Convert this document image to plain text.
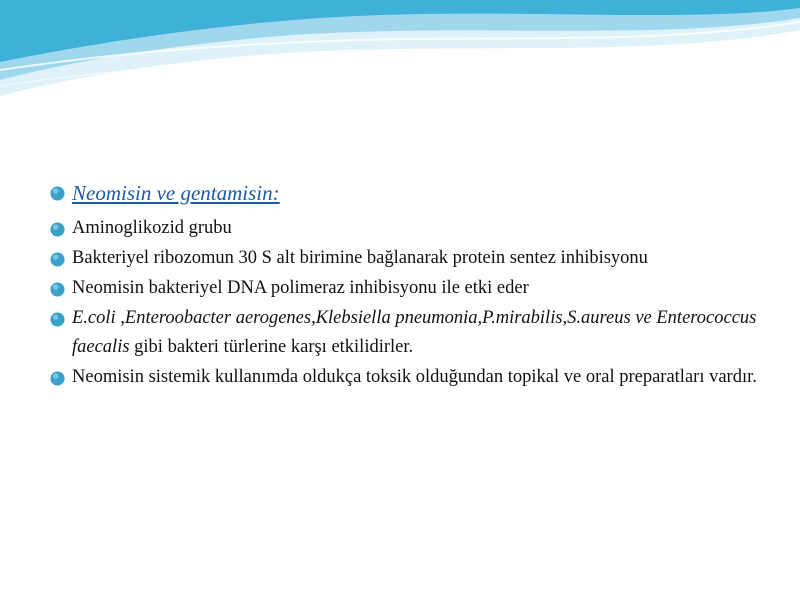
Neomisin ve gentamisin:
Aminoglikozid grubu
Bakteriyel ribozomun 30 S alt birimine bağlanarak protein sentez inhibisyonu
Neomisin bakteriyel DNA polimeraz inhibisyonu ile etki eder
E.coli ,Enteroobacter aerogenes,Klebsiella pneumonia,P.mirabilis,S.aureus ve Enterococcus faecalis gibi bakteri türlerine karşı etkilidirler.
Neomisin sistemik kullanımda oldukça toksik olduğundan topikal ve oral preparatları vardır.
